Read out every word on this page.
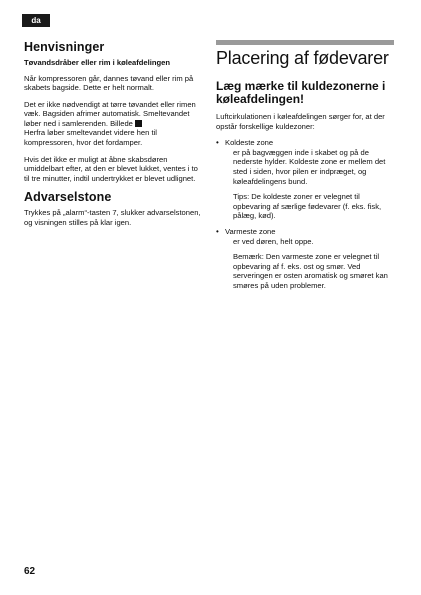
da
Henvisninger
Tøvandsdråber eller rim i køleafdelingen

Når kompressoren går, dannes tøvand eller rim på skabets bagside. Dette er helt normalt.

Det er ikke nødvendigt at tørre tøvandet eller rimen væk. Bagsiden afrimer automatisk. Smeltevandet løber ned i samlerenden. Billede
Herfra løber smeltevandet videre hen til kompressoren, hvor det fordamper.

Hvis det ikke er muligt at åbne skabsdøren umiddelbart efter, at den er blevet lukket, ventes i to til tre minutter, indtil undertrykket er blevet udlignet.

Advarselstone

Trykkes på „alarm“-tasten 7, slukker advarselstonen, og visningen stilles på klar igen.

Placering af fødevarer
Læg mærke til kuldezonerne i køleafdelingen!

Luftcirkulationen i køleafdelingen sørger for, at der opstår forskellige kuldezoner:

• Koldeste zone
er på bagvæggen inde i skabet og på de nederste hylder. Koldeste zone er mellem det sted i siden, hvor pilen er indpræget, og køleafdelingens bund.
Tips: De koldeste zoner er velegnet til opbevaring af særlige fødevarer (f. eks. fisk, pålæg, kød).
• Varmeste zone
er ved døren, helt oppe.
Bemærk: Den varmeste zone er velegnet til opbevaring af f. eks. ost og smør. Ved serveringen er osten aromatisk og smøret kan smøres på uden problemer.
62
